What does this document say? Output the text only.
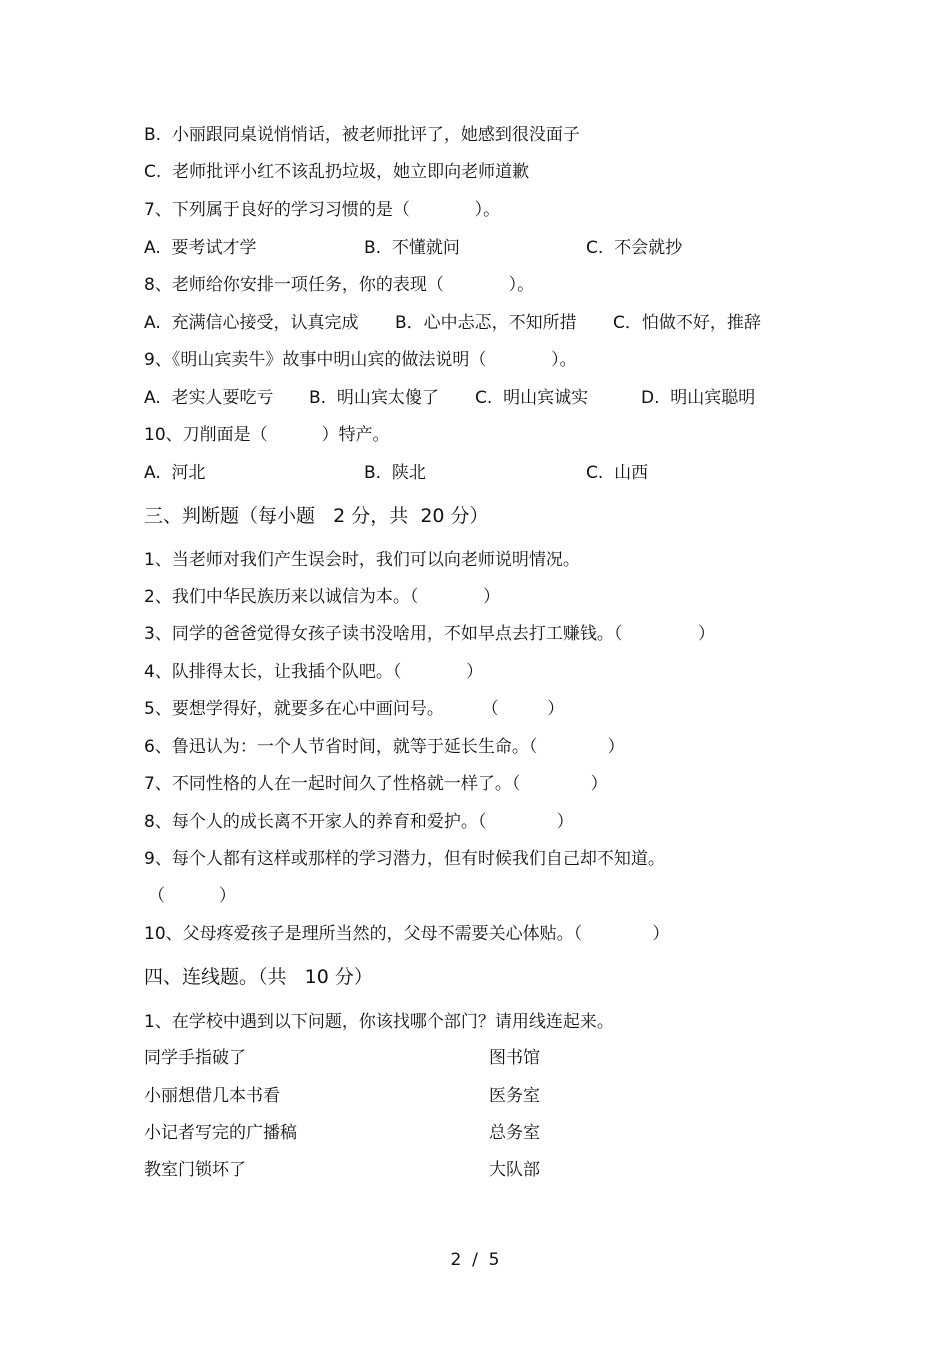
B.  小丽跟同桌说悄悄话，被老师批评了，她感到很没面子
C.  老师批评小红不该乱扔垃圾，她立即向老师道歉
7、下列属于良好的学习习惯的是（            ）。
A.  要考试才学	B.  不懂就问	C.  不会就抄
8、老师给你安排一项任务，你的表现（            ）。
A.  充满信心接受，认真完成 B．心中忐忑，不知所措 C．怕做不好，推辞
9、《明山宾卖牛》故事中明山宾的做法说明（            ）。
A.  老实人要吃亏 B.  明山宾太傻了 C.  明山宾诚实	D.  明山宾聪明
10、刀削面是（          ）特产。
A.  河北	B.  陕北	C.  山西
三、判断题（每小题   2 分，共  20 分）
1、当老师对我们产生误会时，我们可以向老师说明情况。
2、我们中华民族历来以诚信为本。（            ）
3、同学的爸爸觉得女孩子读书没啥用，不如早点去打工赚钱。（              ）
4、队排得太长，让我插个队吧。（            ）
5、要想学得好，就要多在心中画问号。       （         ）
6、鲁迅认为：一个人节省时间，就等于延长生命。（             ）
7、不同性格的人在一起时间久了性格就一样了。（             ）
8、每个人的成长离不开家人的养育和爱护。（             ）
9、每个人都有这样或那样的学习潜力，但有时候我们自己却不知道。
（          ）
10、父母疼爱孩子是理所当然的，父母不需要关心体贴。（             ）
四、连线题。（共   10 分）
1、在学校中遇到以下问题，你该找哪个部门？请用线连起来。
同学手指破了	图书馆
小丽想借几本书看	医务室
小记者写完的广播稿	总务室
教室门锁坏了	大队部
2  /  5
